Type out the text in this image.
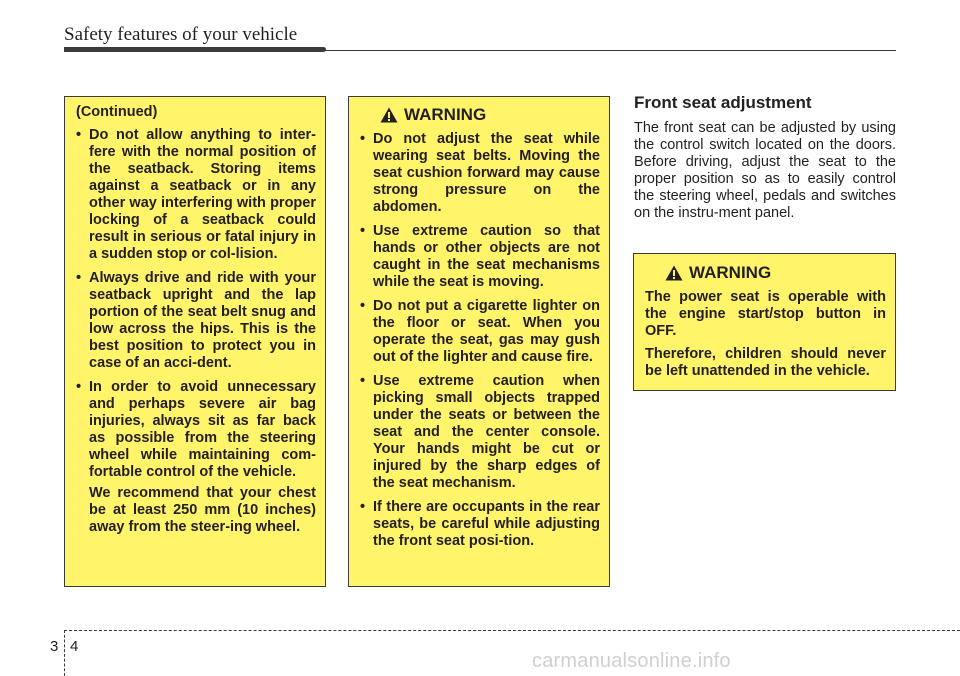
Safety features of your vehicle
(Continued)
• Do not allow anything to inter-fere with the normal position of the seatback. Storing items against a seatback or in any other way interfering with proper locking of a seatback could result in serious or fatal injury in a sudden stop or col-lision.
• Always drive and ride with your seatback upright and the lap portion of the seat belt snug and low across the hips. This is the best position to protect you in case of an acci-dent.
• In order to avoid unnecessary and perhaps severe air bag injuries, always sit as far back as possible from the steering wheel while maintaining com-fortable control of the vehicle.

We recommend that your chest be at least 250 mm (10 inches) away from the steer-ing wheel.

WARNING
• Do not adjust the seat while wearing seat belts. Moving the seat cushion forward may cause strong pressure on the abdomen.
• Use extreme caution so that hands or other objects are not caught in the seat mechanisms while the seat is moving.
• Do not put a cigarette lighter on the floor or seat. When you operate the seat, gas may gush out of the lighter and cause fire.
• Use extreme caution when picking small objects trapped under the seats or between the seat and the center console. Your hands might be cut or injured by the sharp edges of the seat mechanism.
• If there are occupants in the rear seats, be careful while adjusting the front seat posi-tion.
Front seat adjustment

The front seat can be adjusted by using the control switch located on the doors. Before driving, adjust the seat to the proper position so as to easily control the steering wheel, pedals and switches on the instru-ment panel.

WARNING

The power seat is operable with the engine start/stop button in OFF.

Therefore, children should never be left unattended in the vehicle.

3 4
carmanualsonline.info
